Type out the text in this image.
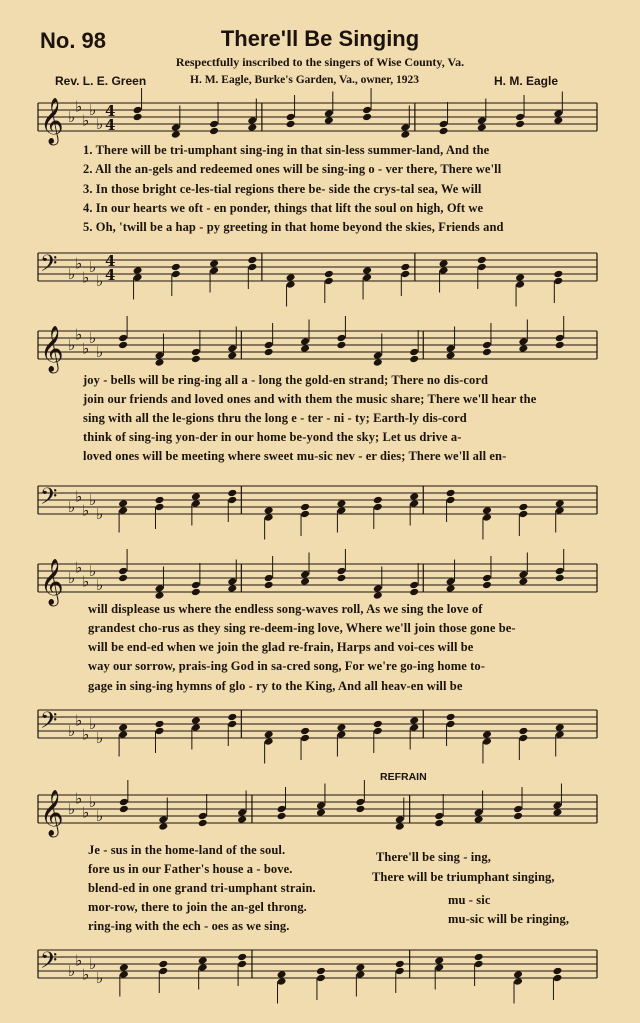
No. 98	There'll Be Singing
Respectfully inscribed to the singers of Wise County, Va.
Rev. L. E. Green	H. M. Eagle, Burke's Garden, Va., owner, 1923	H. M. Eagle
𝄞 ♭
♭
♭
♭
♭
4
4
1. There will be tri-umphant sing-ing in that sin-less summer-land, And the
2. All the an-gels and redeemed ones will be sing-ing o - ver there, There we'll
3. In those bright ce-les-tial regions there be- side the crys-tal sea, We will
4. In our hearts we oft - en ponder, things that lift the soul on high, Oft we
5. Oh, 'twill be a hap - py greeting in that home beyond the skies, Friends and
𝄢 ♭
♭
♭
♭
♭
4
4
𝄞 ♭
♭
♭
♭
♭
joy - bells will be ring-ing all a - long the gold-en strand; There no dis-cord
join our friends and loved ones and with them the music share; There we'll hear the
sing with all the le-gions thru the long e - ter - ni - ty; Earth-ly dis-cord
think of sing-ing yon-der in our home be-yond the sky; Let us drive a-
loved ones will be meeting where sweet mu-sic nev - er dies; There we'll all en-
𝄢 ♭
♭
♭
♭
♭
𝄞 ♭
♭
♭
♭
♭
will displease us where the endless song-waves roll, As we sing the love of
grandest cho-rus as they sing re-deem-ing love, Where we'll join those gone be-
will be end-ed when we join the glad re-frain, Harps and voi-ces will be
way our sorrow, prais-ing God in sa-cred song, For we're go-ing home to-
gage in sing-ing hymns of glo - ry to the King, And all heav-en will be
𝄢 ♭
♭
♭
♭
♭
REFRAIN
𝄞 ♭
♭
♭
♭
♭
Je - sus in the home-land of the soul.
fore us in our Father's house a - bove.
blend-ed in one grand tri-umphant strain.
mor-row, there to join the an-gel throng.
ring-ing with the ech - oes as we sing.
There'll be sing - ing,
There will be triumphant singing,
mu - sic
mu-sic will be ringing,
𝄢 ♭
♭
♭
♭
♭
